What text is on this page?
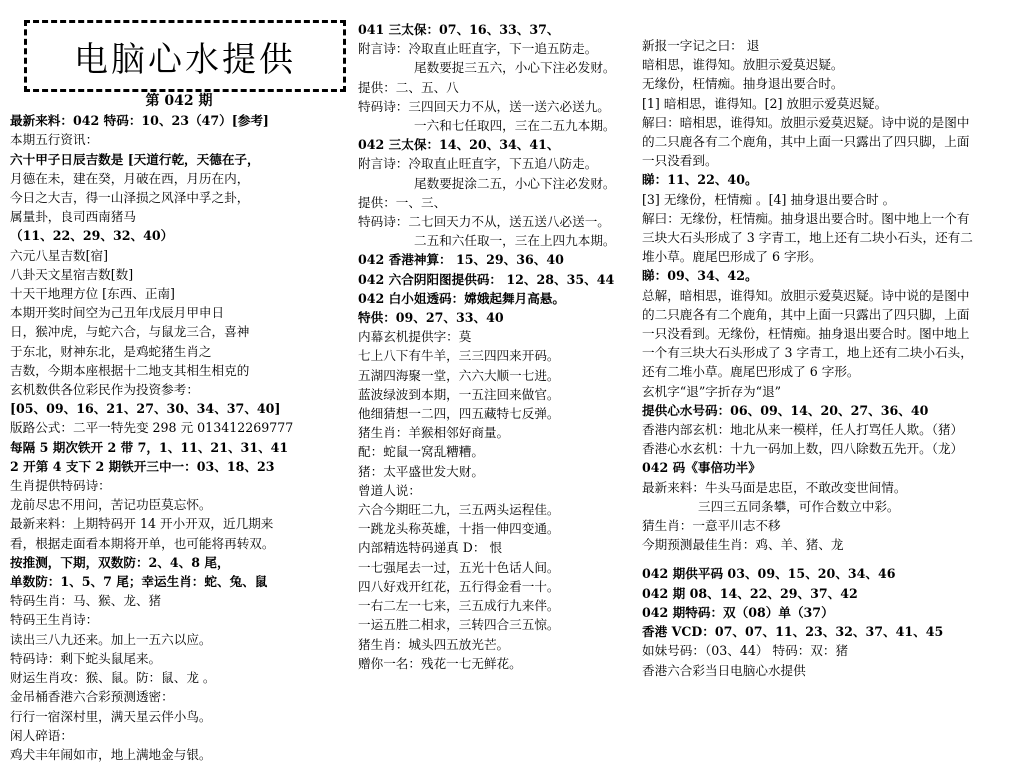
电脑心水提供

第 042 期

最新来料：042 特码：10、23（47）[参考]

本期五行资讯：

六十甲子日辰吉数是 [天道行乾，天德在子，

月德在未，建在癸，月破在西，月历在内，

今日之大吉，得一山泽损之风泽中孚之卦，

属量卦，良司西南猪马

（11、22、29、32、40）

六元八星吉数[宿]

八卦天文星宿吉数[数]

十天干地理方位 [东西、正南]

本期开奖时间空为己丑年戊辰月甲申日

日，猴冲虎，与蛇六合，与鼠龙三合，喜神

于东北，财神东北，是鸡蛇猪生肖之

吉数，今期本座根据十二地支其相生相克的

玄机数供各位彩民作为投资参考：

[05、09、16、21、27、30、34、37、40]

版路公式：二平一特先变 298 元 013412269777

每隔 5 期次铁开 2 带 7，1、11、21、31、41

2 开第 4 支下 2 期铁开三中一：03、18、23

生肖提供特码诗：

龙前尽忠不用问，苦记功臣莫忘怀。

最新来料：上期特码开 14 开小开双，近几期来

看，根据走面看本期将开单，也可能将再转双。

按推测，下期，双数防：2、4、8 尾，

单数防：1、5、7 尾；幸运生肖：蛇、兔、鼠

特码生肖：马、猴、龙、猪

特码王生肖诗：

读出三八九还来。加上一五六以应。

特码诗：剩下蛇头鼠尾来。

财运生肖攻：猴、鼠。防：鼠、龙 。

金吊桶香港六合彩预测透密：

行行一宿深村里，满天星云伴小鸟。

闲人碎语：

鸡犬丰年闹如市，地上满地金与银。

041 三太保：07、16、33、37、

附言诗：冷取直止旺直字，下一追五防走。

尾数要捉三五六，小心下注必发财。

提供：二、五、八

特码诗：三四回天力不从，送一送六必送九。

一六和七任取四，三在二五九本期。

042 三太保：14、20、34、41、

附言诗：冷取直止旺直字，下五追八防走。

尾数要捉涂二五，小心下注必发财。

提供：一、三、

特码诗：二七回天力不从，送五送八必送一。

二五和六任取一，三在上四九本期。

042 香港神算： 15、29、36、40

042 六合阴阳图提供码： 12、28、35、44

042 白小姐透码：嫦娥起舞月高悬。

特供：09、27、33、40

内幕玄机提供字：莫

七上八下有牛羊，三三四四来开码。

五湖四海聚一堂，六六大顺一七进。

蓝波绿波到本期，一五注回来做官。

他细猜想一二四，四五藏特七反弹。

猪生肖：羊猴相邻好商量。

配：蛇鼠一窝乱糟糟。

猪：太平盛世发大财。

曾道人说：

六合今期旺二九，三五两头运程佳。

一跳龙头称英雄，十指一伸四变通。

内部精选特码递真 D： 恨

一七强尾去一过，五光十色话人间。

四八好戏开红花，五行得金看一十。

一右二左一七来，三五成行九来伴。

一运五胜二相求，三转四合三五惊。

猪生肖：城头四五放光芒。

赠你一名：残花一七无鲜花。

新报一字记之曰： 退

暗相思，谁得知。放胆示爱莫迟疑。

无缘份，枉情痴。抽身退出要合时。

[1] 暗相思，谁得知。[2] 放胆示爱莫迟疑。

解曰：暗相思，谁得知。放胆示爱莫迟疑。诗中说的是图中

的二只鹿各有二个鹿角，其中上面一只露出了四只脚，上面

一只没看到。

睇：11、22、40。

[3] 无缘份，枉情痴 。[4] 抽身退出要合时 。

解曰：无缘份，枉情痴。抽身退出要合时。图中地上一个有

三块大石头形成了 3 字青工，地上还有二块小石头，还有二

堆小草。鹿尾巴形成了 6 字形。

睇：09、34、42。

总解，暗相思，谁得知。放胆示爱莫迟疑。诗中说的是图中

的二只鹿各有二个鹿角，其中上面一只露出了四只脚，上面

一只没看到。无缘份，枉情痴。抽身退出要合时。图中地上

一个有三块大石头形成了 3 字青工，地上还有二块小石头，

还有二堆小草。鹿尾巴形成了 6 字形。

玄机字“退”字折存为“退”

提供心水号码：06、09、14、20、27、36、40

香港内部玄机：地北从来一模样，任人打骂任人欺。（猪）

香港心水玄机：十九一码加上数，四八除数五先开。（龙）

042 码《事倍功半》

最新来料：牛头马面是忠臣，不敢改变世间情。

三四三五同条攀，可作合数立中彩。

猜生肖：一意平川志不移

今期预测最佳生肖：鸡、羊、猪、龙

042 期供平码 03、09、15、20、34、46

042 期 08、14、22、29、37、42

042 期特码：双（08）单（37）

香港 VCD：07、07、11、23、32、37、41、45

如妹号码：（03、44） 特码：双：猪

香港六合彩当日电脑心水提供
